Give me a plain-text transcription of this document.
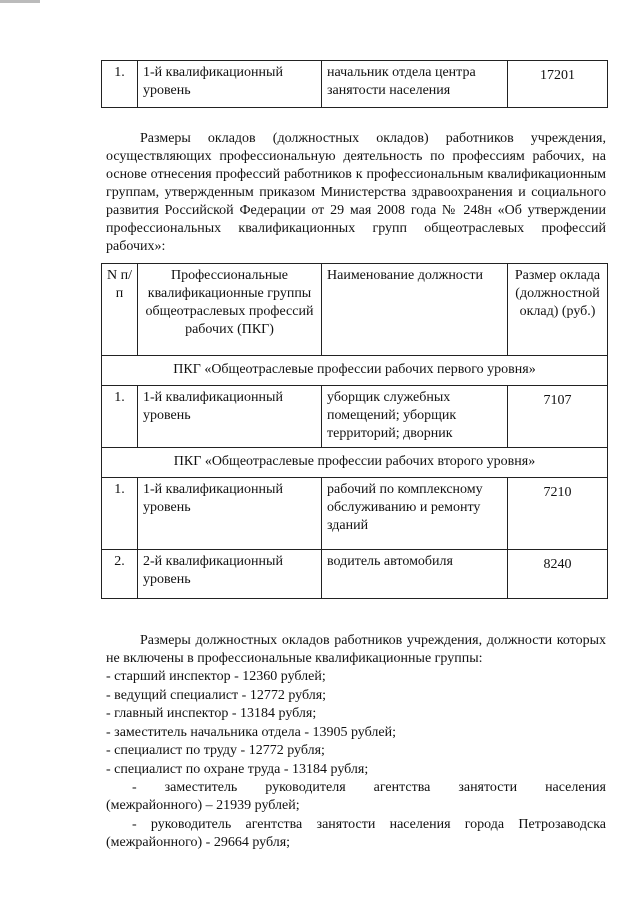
1.	1-й квалификационный уровень	начальник отдела центра занятости населения	17201
Размеры окладов (должностных окладов) работников учреждения, осуществляющих профессиональную деятельность по профессиям рабочих, на основе отнесения профессий работников к профессиональным квалификационным группам, утвержденным приказом Министерства здравоохранения и социального развития Российской Федерации от 29 мая 2008 года № 248н «Об утверждении профессиональных квалификационных групп общеотраслевых профессий рабочих»:
N п/п	Профессиональные квалификационные группы общеотраслевых профессий рабочих (ПКГ)	Наименование должности	Размер оклада (должностной оклад) (руб.)
ПКГ «Общеотраслевые профессии рабочих первого уровня»			
1.	1-й квалификационный уровень	уборщик служебных помещений; уборщик территорий; дворник	7107
ПКГ «Общеотраслевые профессии рабочих второго уровня»			
1.	1-й квалификационный уровень	рабочий по комплексному обслуживанию и ремонту зданий	7210
2.	2-й квалификационный уровень	водитель автомобиля	8240
Размеры должностных окладов работников учреждения, должности которых не включены в профессиональные квалификационные группы:
- старший инспектор - 12360 рублей;
- ведущий специалист - 12772 рубля;
- главный инспектор - 13184 рубля;
- заместитель начальника отдела - 13905 рублей;
- специалист по труду - 12772 рубля;
- специалист по охране труда - 13184 рубля;
- заместитель руководителя агентства занятости населения
(межрайонного) – 21939 рублей;
- руководитель агентства занятости населения города Петрозаводска
(межрайонного) - 29664 рубля;
